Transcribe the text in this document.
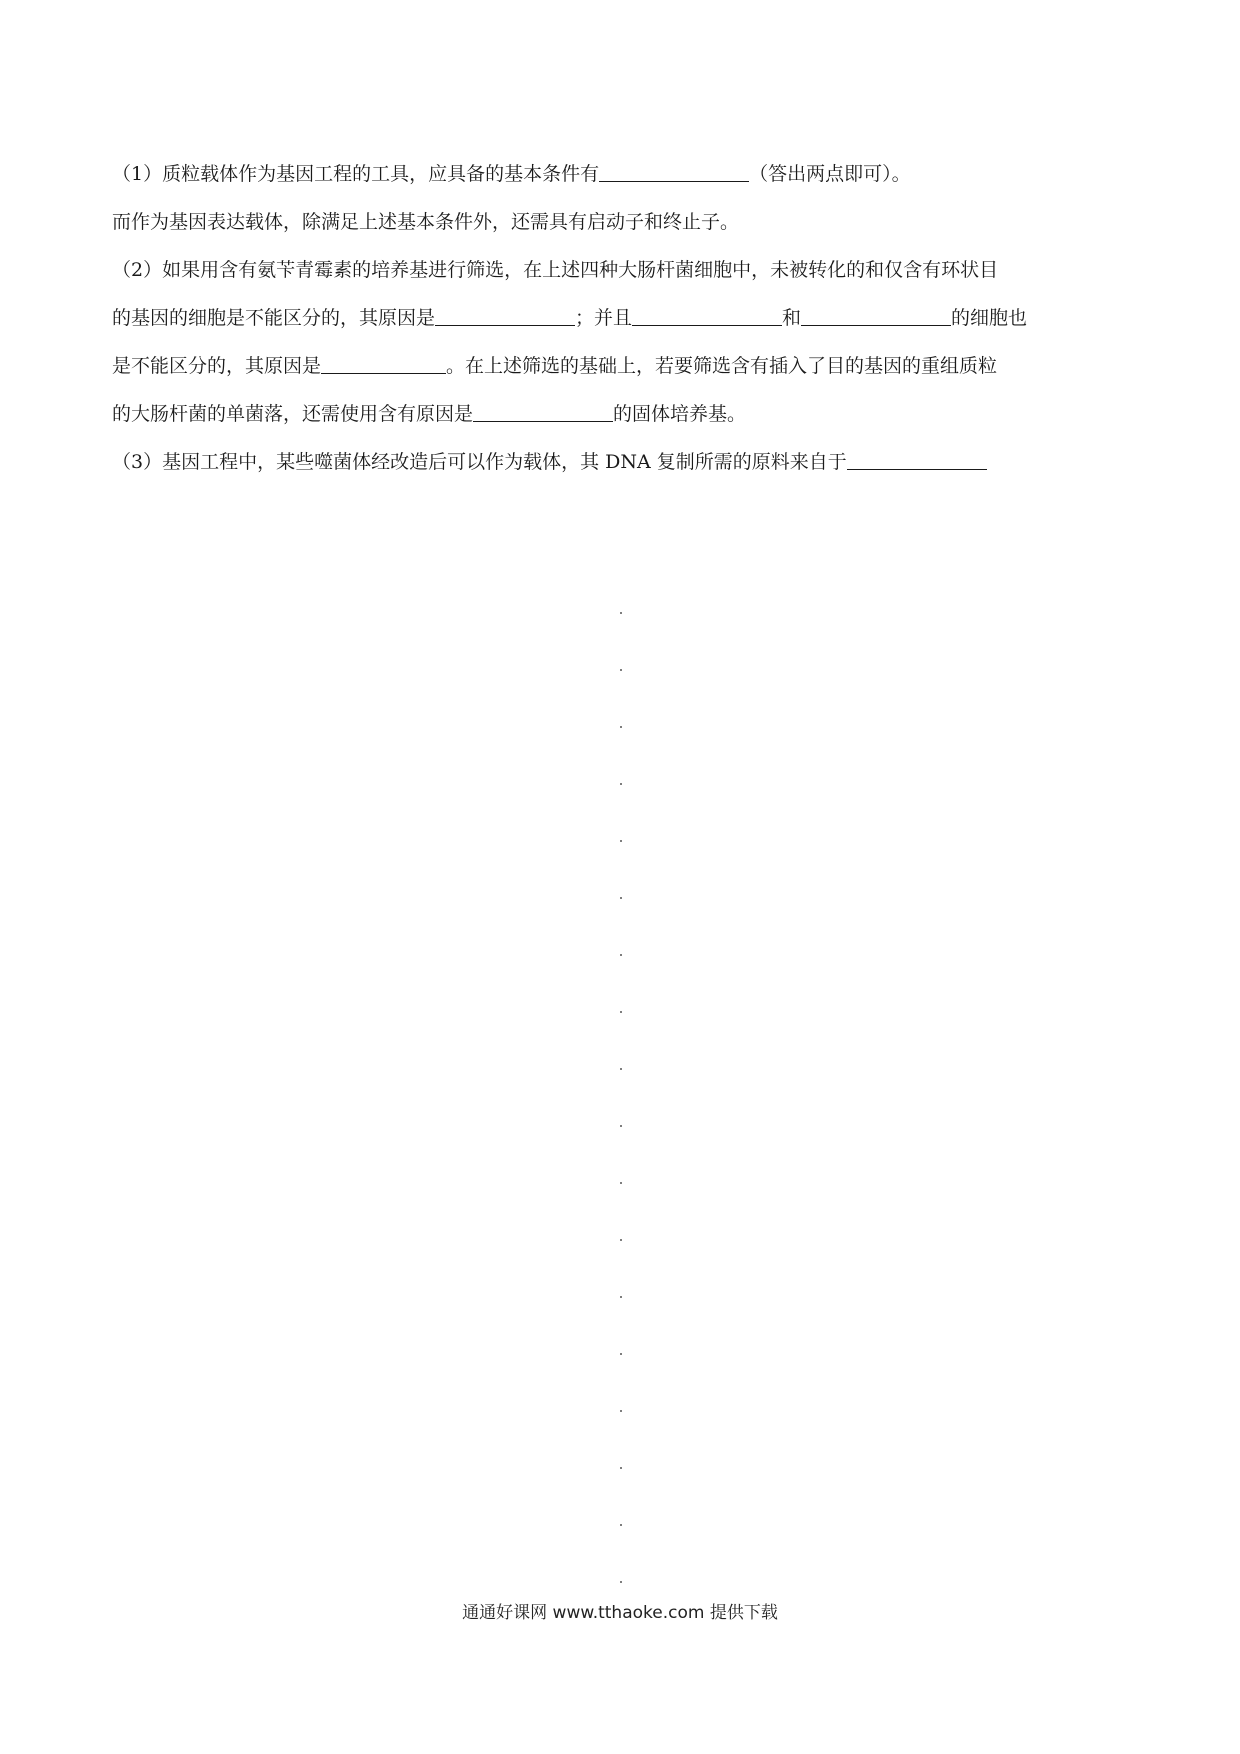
（1）质粒载体作为基因工程的工具，应具备的基本条件有	（答出两点即可）。
而作为基因表达载体，除满足上述基本条件外，还需具有启动子和终止子。
（2）如果用含有氨苄青霉素的培养基进行筛选，在上述四种大肠杆菌细胞中，未被转化的和仅含有环状目
的基因的细胞是不能区分的，其原因是	；并且	和	的细胞也
是不能区分的，其原因是	。在上述筛选的基础上，若要筛选含有插入了目的基因的重组质粒
的大肠杆菌的单菌落，还需使用含有原因是	的固体培养基。
（3）基因工程中，某些噬菌体经改造后可以作为载体，其 DNA 复制所需的原料来自于
通通好课网 www.tthaoke.com 提供下载
